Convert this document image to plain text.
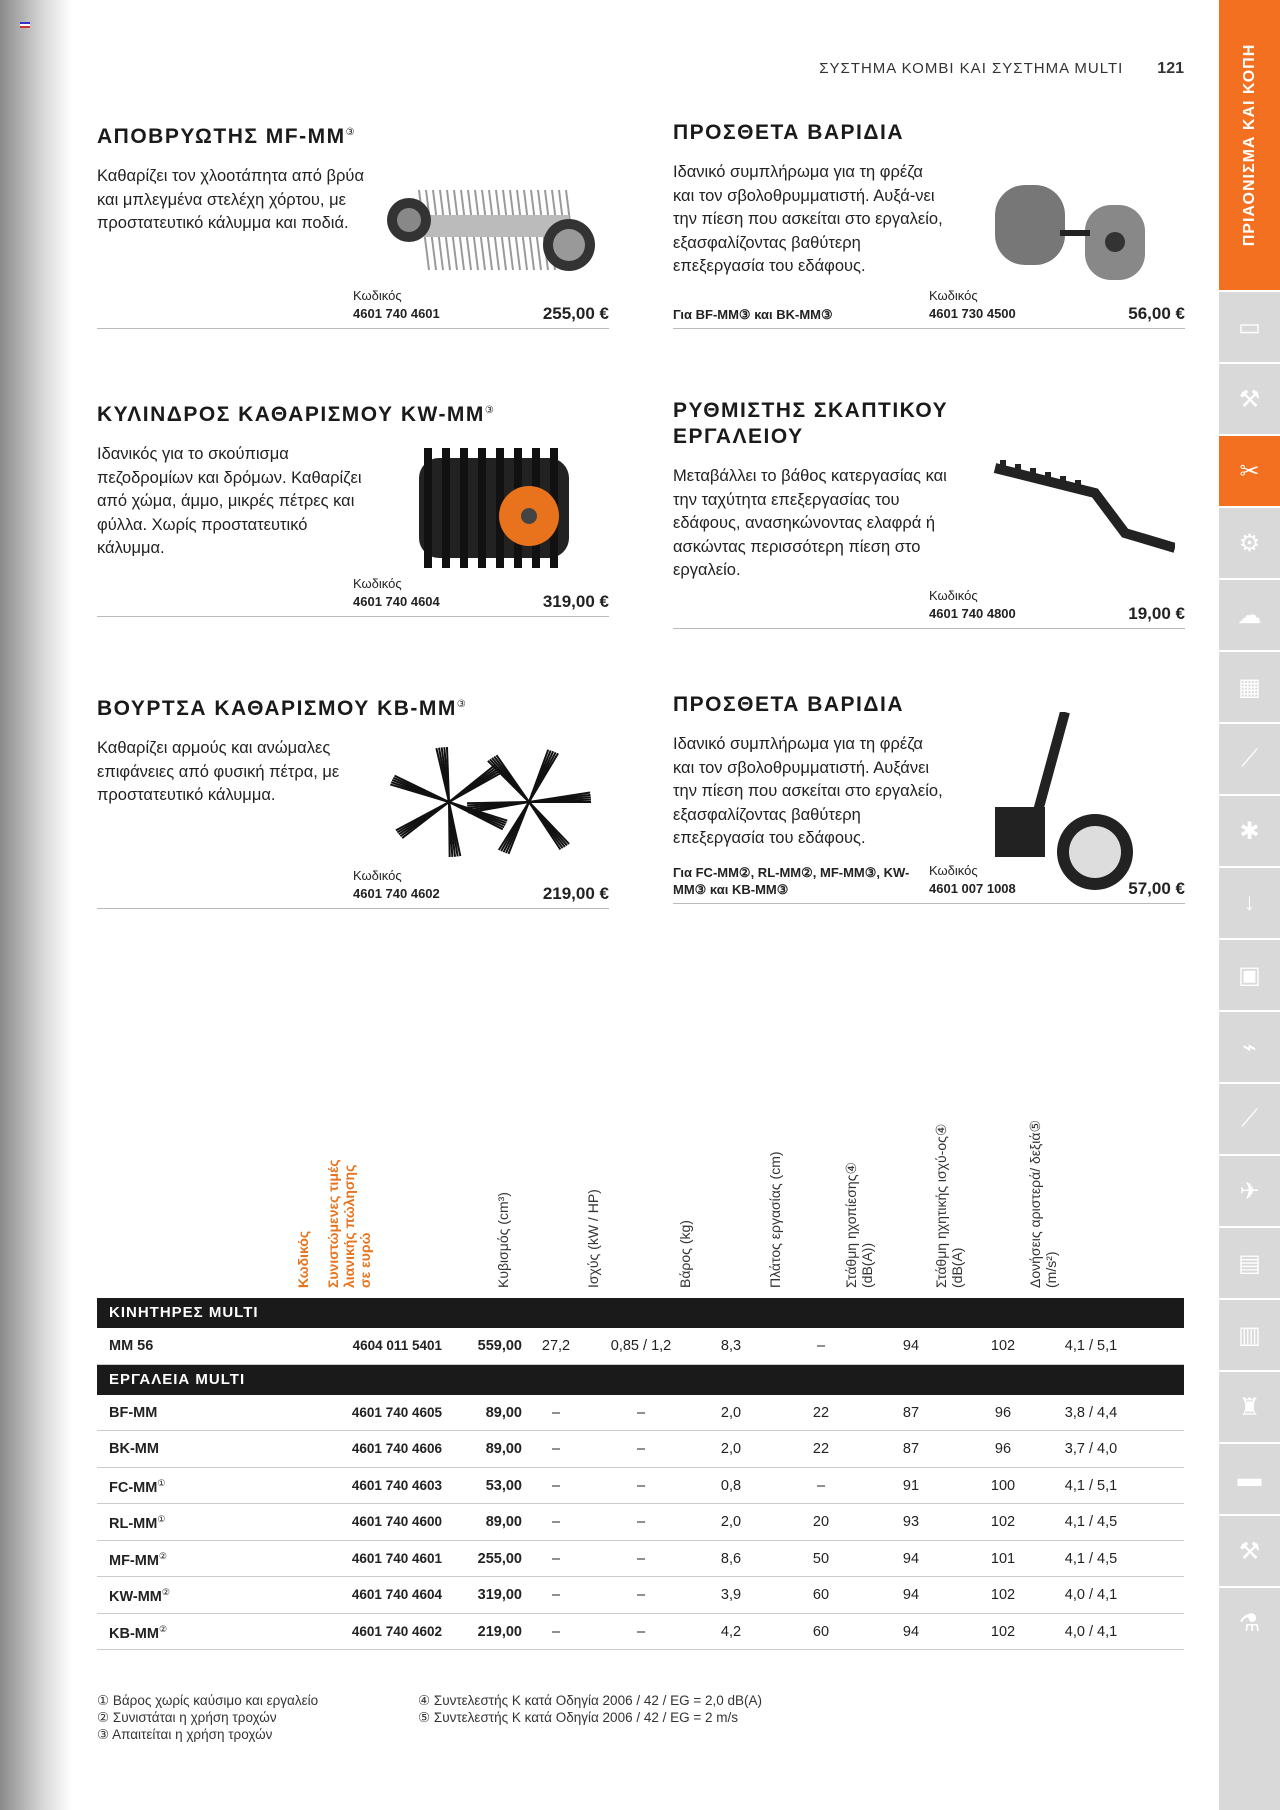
ΣΥΣΤΗΜΑ ΚΟΜΒΙ ΚΑΙ ΣΥΣΤΗΜΑ MULTI 121	ΠΡΙΑΟΝΙΣΜΑ ΚΑΙ ΚΟΠΗ
▭
⚒
✂
⚙
☁
▦
⟋
✱
↓
▣
⌁
⟋
✈
▤
▥
♜
▬
⚒
⚗
ΑΠΟΒΡΥΩΤΗΣ MF-MM③

Καθαρίζει τον χλοοτάπητα από βρύα και μπλεγμένα στελέχη χόρτου, με προστατευτικό κάλυμμα και ποδιά.

Κωδικός
4601 740 4601	255,00 €
ΠΡΟΣΘΕΤΑ ΒΑΡΙΔΙΑ

Ιδανικό συμπλήρωμα για τη φρέζα και τον σβολοθρυμματιστή. Αυξά-νει την πίεση που ασκείται στο εργαλείο, εξασφαλίζοντας βαθύτερη επεξεργασία του εδάφους.

Για BF-MM③ και BK-MM③
Κωδικός
4601 730 4500	56,00 €
ΚΥΛΙΝΔΡΟΣ ΚΑΘΑΡΙΣΜΟΥ KW-MM③

Ιδανικός για το σκούπισμα πεζοδρομίων και δρόμων. Καθαρίζει από χώμα, άμμο, μικρές πέτρες και φύλλα. Χωρίς προστατευτικό κάλυμμα.

Κωδικός
4601 740 4604	319,00 €
ΡΥΘΜΙΣΤΗΣ ΣΚΑΠΤΙΚΟΥ ΕΡΓΑΛΕΙΟΥ

Μεταβάλλει το βάθος κατεργασίας και την ταχύτητα επεξεργασίας του εδάφους, ανασηκώνοντας ελαφρά ή ασκώντας περισσότερη πίεση στο εργαλείο.

Κωδικός
4601 740 4800	19,00 €
ΒΟΥΡΤΣΑ ΚΑΘΑΡΙΣΜΟΥ KB-MM③

Καθαρίζει αρμούς και ανώμαλες επιφάνειες από φυσική πέτρα, με προστατευτικό κάλυμμα.

Κωδικός
4601 740 4602	219,00 €
ΠΡΟΣΘΕΤΑ ΒΑΡΙΔΙΑ

Ιδανικό συμπλήρωμα για τη φρέζα και τον σβολοθρυμματιστή. Αυξάνει την πίεση που ασκείται στο εργαλείο, εξασφαλίζοντας βαθύτερη επεξεργασία του εδάφους.

Για FC-MM②, RL-MM②, MF-MM③, KW-MM③ και KB-MM③
Κωδικός
4601 007 1008	57,00 €
Κωδικός Συνιστώμενες τιμές λιανικής πώλησης σε ευρώ	Κυβισμός (cm³)	Ισχύς (kW / HP)	Βάρος (kg)	Πλάτος εργασίας (cm)	Στάθμη ηχοπίεσης④ (dB(A))	Στάθμη ηχητικής ισχύ-ος④ (dB(A)	Δονήσεις αριστερά/ δεξιά⑤ (m/s²)
ΚΙΝΗΤΗΡΕΣ MULTI
MM 56	4604 011 5401	559,00	27,2	0,85 / 1,2	8,3	–	94	102	4,1 / 5,1
ΕΡΓΑΛΕΙΑ MULTI
BF-MM	4601 740 4605	89,00	–	–	2,0	22	87	96	3,8 / 4,4
BK-MM	4601 740 4606	89,00	–	–	2,0	22	87	96	3,7 / 4,0
FC-MM①	4601 740 4603	53,00	–	–	0,8	–	91	100	4,1 / 5,1
RL-MM①	4601 740 4600	89,00	–	–	2,0	20	93	102	4,1 / 4,5
MF-MM②	4601 740 4601	255,00	–	–	8,6	50	94	101	4,1 / 4,5
KW-MM②	4601 740 4604	319,00	–	–	3,9	60	94	102	4,0 / 4,1
KB-MM②	4601 740 4602	219,00	–	–	4,2	60	94	102	4,0 / 4,1
① Βάρος χωρίς καύσιμο και εργαλείο
② Συνιστάται η χρήση τροχών
③ Απαιτείται η χρήση τροχών
④ Συντελεστής K κατά Οδηγία 2006 / 42 / EG = 2,0 dB(A)
⑤ Συντελεστής K κατά Οδηγία 2006 / 42 / EG = 2 m/s
